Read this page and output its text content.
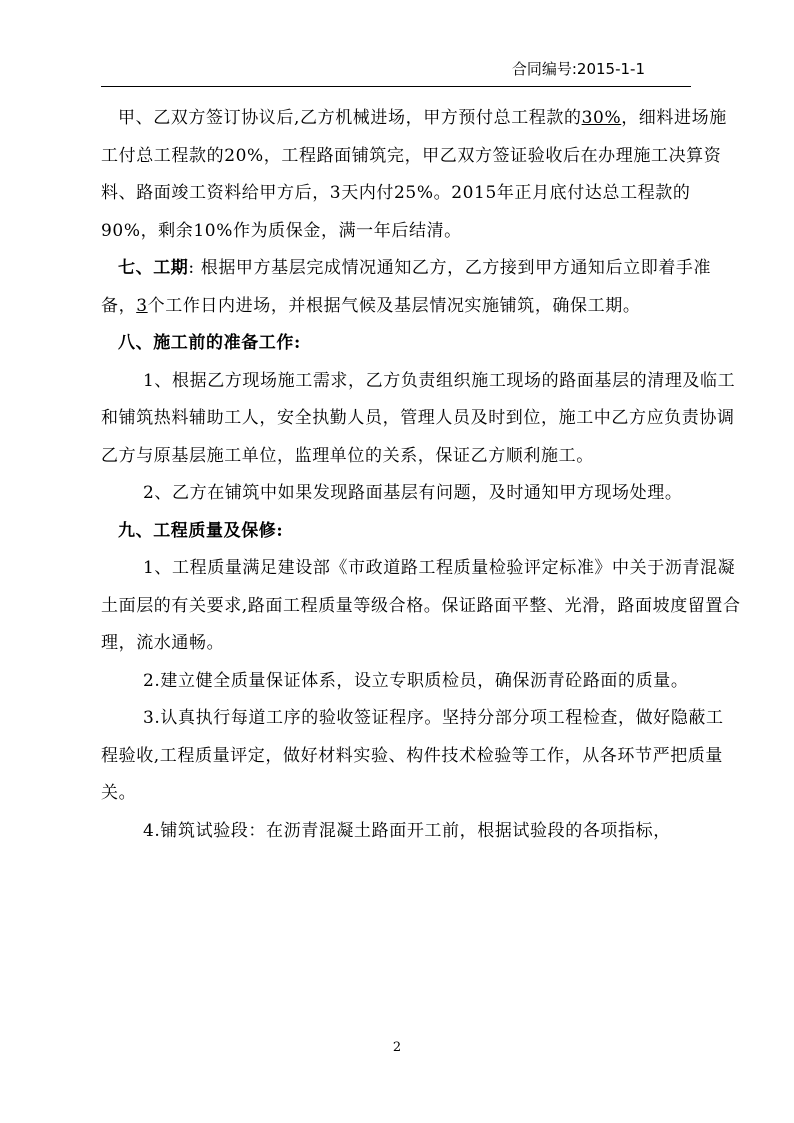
合同编号:2015-1-1

甲、乙双方签订协议后,乙方机械进场，甲方预付总工程款的30%，细料进场施工付总工程款的20%，工程路面铺筑完，甲乙双方签证验收后在办理施工决算资料、路面竣工资料给甲方后，3天内付25%。2015年正月底付达总工程款的90%，剩余10%作为质保金，满一年后结清。

七、工期: 根据甲方基层完成情况通知乙方，乙方接到甲方通知后立即着手准备，3个工作日内进场，并根据气候及基层情况实施铺筑，确保工期。

八、施工前的准备工作:

1、根据乙方现场施工需求，乙方负责组织施工现场的路面基层的清理及临工和铺筑热料辅助工人，安全执勤人员，管理人员及时到位，施工中乙方应负责协调乙方与原基层施工单位，监理单位的关系，保证乙方顺利施工。

2、乙方在铺筑中如果发现路面基层有问题，及时通知甲方现场处理。

九、工程质量及保修:

1、工程质量满足建设部《市政道路工程质量检验评定标准》中关于沥青混凝土面层的有关要求,路面工程质量等级合格。保证路面平整、光滑，路面坡度留置合理，流水通畅。

2.建立健全质量保证体系，设立专职质检员，确保沥青砼路面的质量。

3.认真执行每道工序的验收签证程序。坚持分部分项工程检查，做好隐蔽工程验收,工程质量评定，做好材料实验、构件技术检验等工作，从各环节严把质量关。

4.铺筑试验段：在沥青混凝土路面开工前，根据试验段的各项指标，

2
